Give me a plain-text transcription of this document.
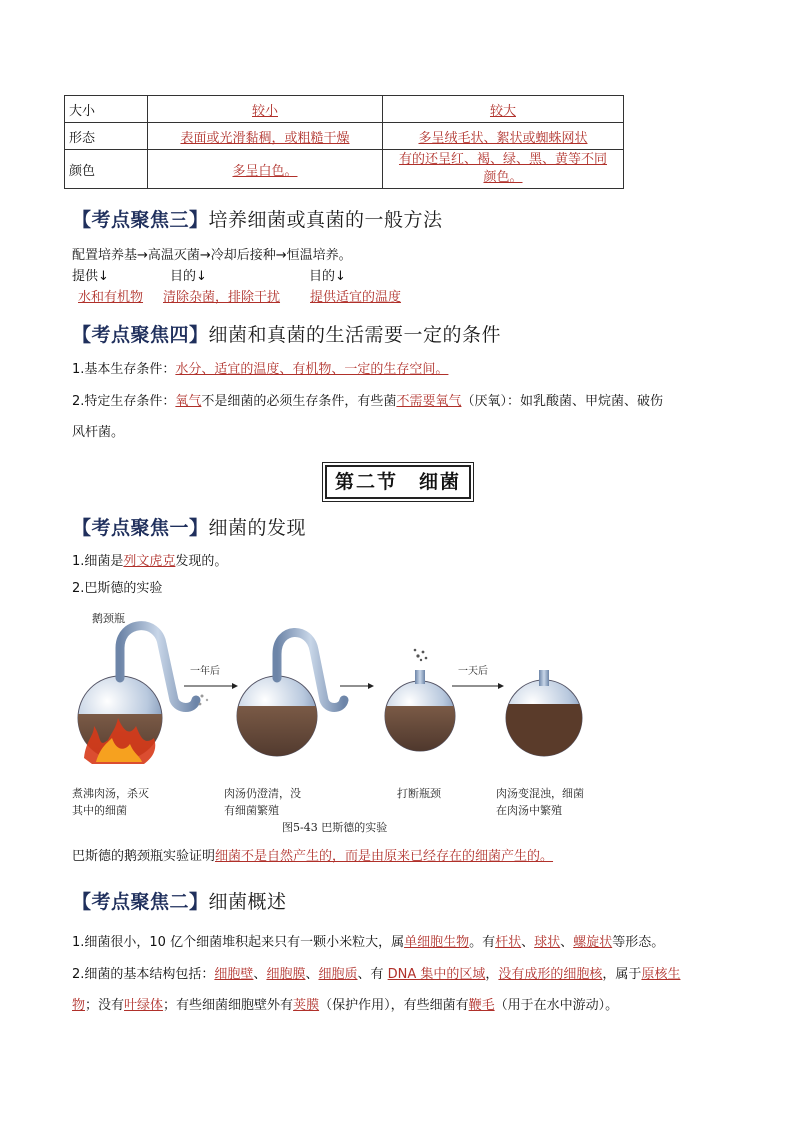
大小	较小	较大
形态	表面或光滑黏稠，或粗糙干燥	多呈绒毛状、絮状或蜘蛛网状
颜色	多呈白色。	有的还呈红、褐、绿、黑、黄等不同
颜色。
【考点聚焦三】培养细菌或真菌的一般方法
配置培养基→高温灭菌→冷却后接种→恒温培养。
提供↓	目的↓	目的↓
水和有机物 清除杂菌，排除干扰 提供适宜的温度
【考点聚焦四】细菌和真菌的生活需要一定的条件
1.基本生存条件：水分、适宜的温度、有机物、一定的生存空间。
2.特定生存条件：氧气不是细菌的必须生存条件，有些菌不需要氧气（厌氧）：如乳酸菌、甲烷菌、破伤
风杆菌。
第二节　细菌
【考点聚焦一】细菌的发现
1.细菌是列文虎克发现的。
2.巴斯德的实验
鹅颈瓶
一年后	一天后
煮沸肉汤，杀灭
其中的细菌
肉汤仍澄清，没
有细菌繁殖
打断瓶颈	肉汤变混浊，细菌
在肉汤中繁殖
图5-43 巴斯德的实验
巴斯德的鹅颈瓶实验证明细菌不是自然产生的，而是由原来已经存在的细菌产生的。
【考点聚焦二】细菌概述
1.细菌很小，10 亿个细菌堆积起来只有一颗小米粒大，属单细胞生物。有杆状、球状、螺旋状等形态。
2.细菌的基本结构包括：细胞壁、细胞膜、细胞质、有 DNA 集中的区域，没有成形的细胞核，属于原核生
物；没有叶绿体；有些细菌细胞壁外有荚膜（保护作用），有些细菌有鞭毛（用于在水中游动）。
